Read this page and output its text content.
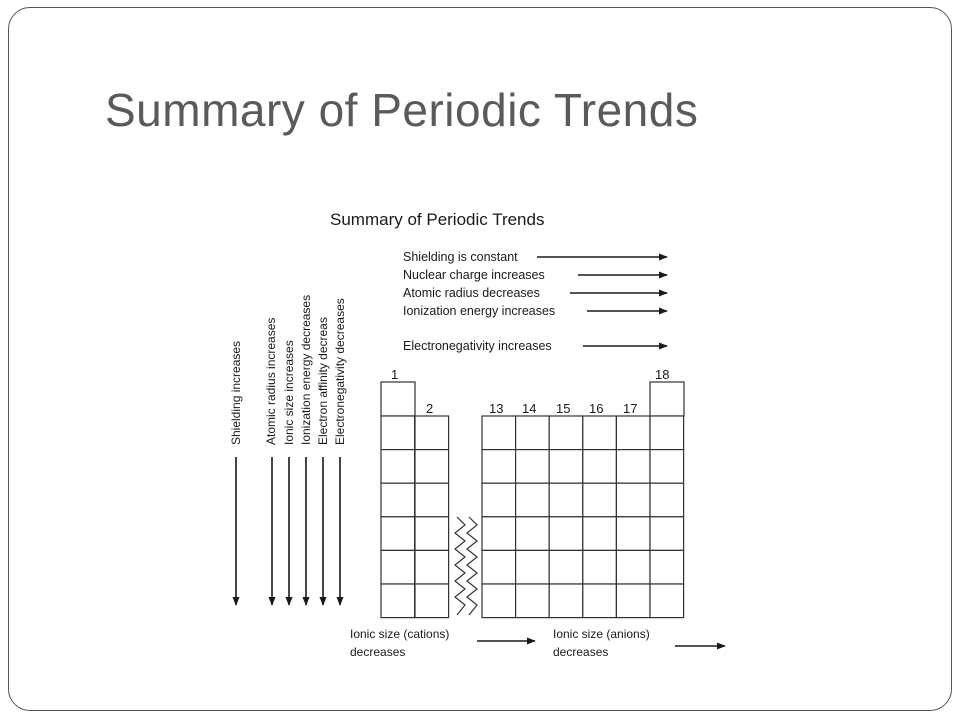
Summary of Periodic Trends
Summary of Periodic Trends
Shielding is constant
Nuclear charge increases
Atomic radius decreases
Ionization energy increases
Electronegativity increases
Shielding increases Atomic radius increases Ionic size increases Ionization energy decreases Electron affinity decreas Electronegativity decreases	1
2	13 14 15 16 17
18
Ionic size (cations)
decreases
Ionic size (anions)
decreases
